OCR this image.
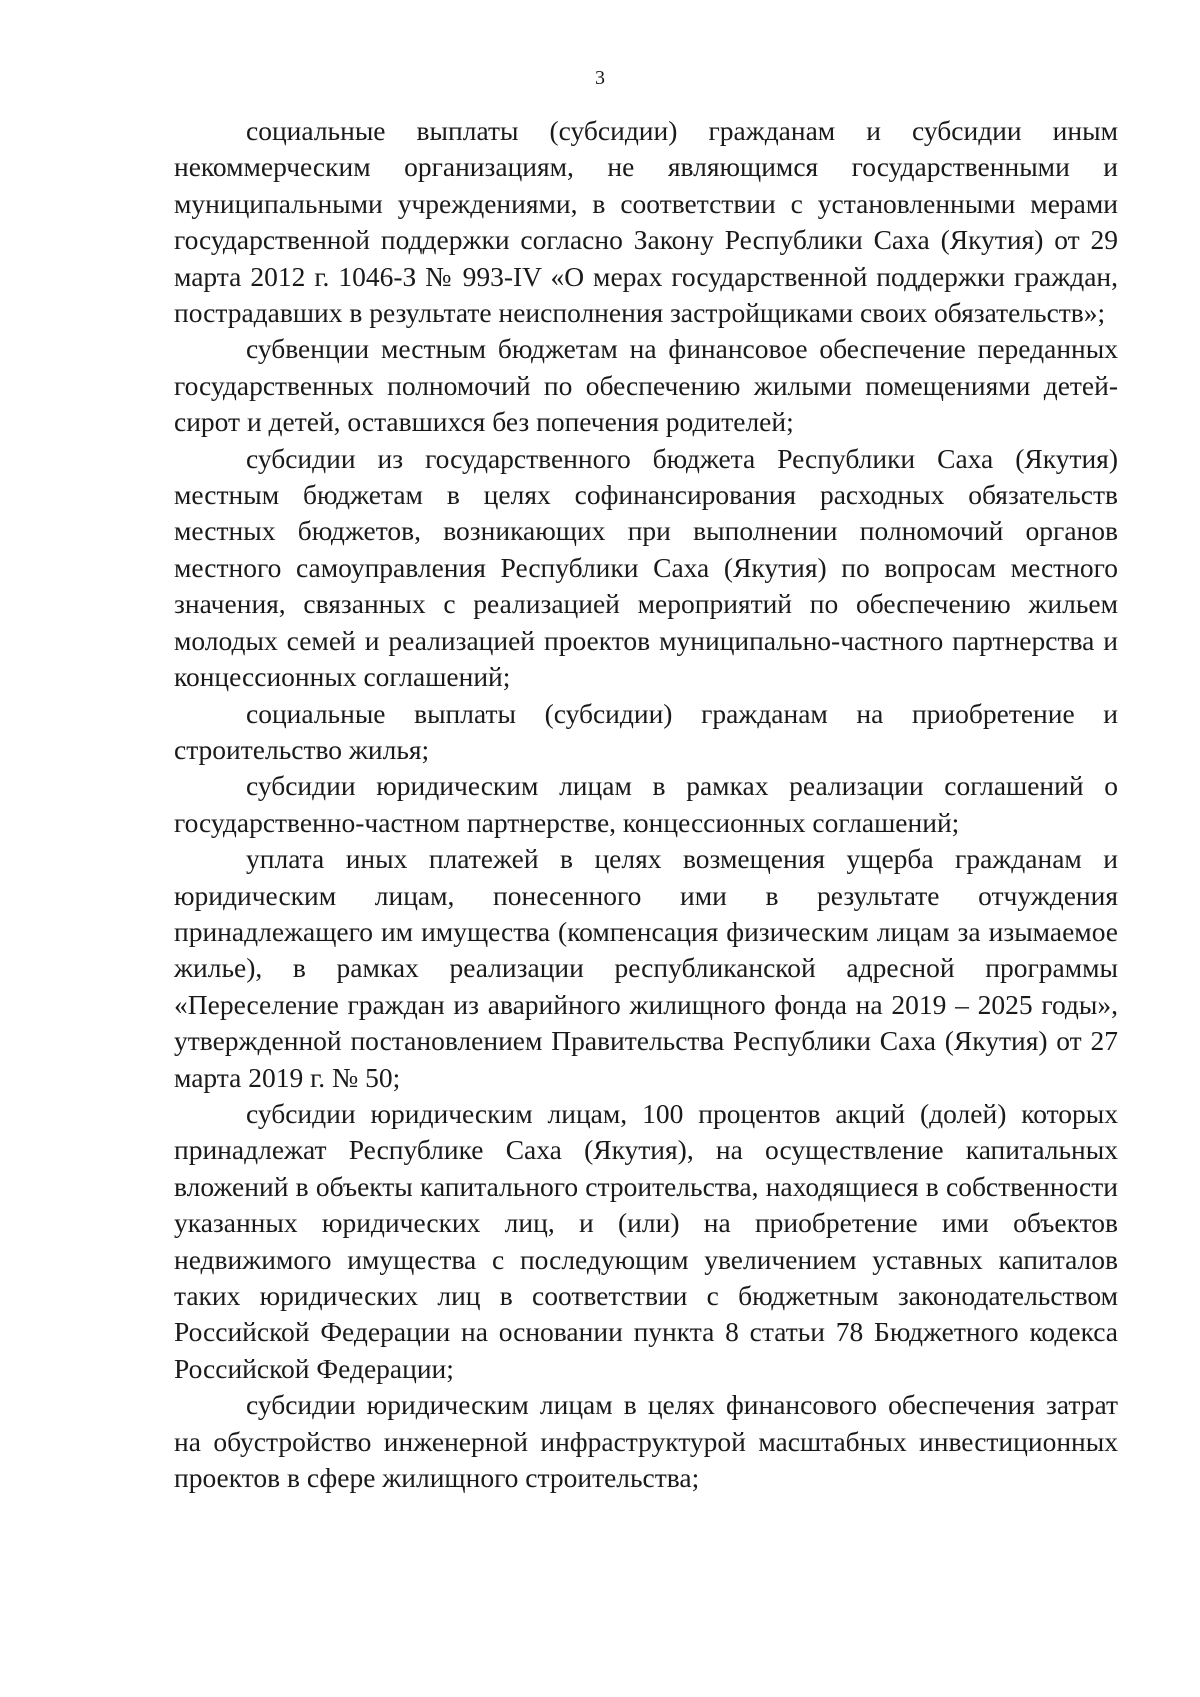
3

социальные выплаты (субсидии) гражданам и субсидии иным некоммерческим организациям, не являющимся государственными и муниципальными учреждениями, в соответствии с установленными мерами государственной поддержки согласно Закону Республики Саха (Якутия) от 29 марта 2012 г. 1046-З № 993-IV «О мерах государственной поддержки граждан, пострадавших в результате неисполнения застройщиками своих обязательств»;

субвенции местным бюджетам на финансовое обеспечение переданных государственных полномочий по обеспечению жилыми помещениями детей-сирот и детей, оставшихся без попечения родителей;

субсидии из государственного бюджета Республики Саха (Якутия) местным бюджетам в целях софинансирования расходных обязательств местных бюджетов, возникающих при выполнении полномочий органов местного самоуправления Республики Саха (Якутия) по вопросам местного значения, связанных с реализацией мероприятий по обеспечению жильем молодых семей и реализацией проектов муниципально-частного партнерства и концессионных соглашений;

социальные выплаты (субсидии) гражданам на приобретение и строительство жилья;

субсидии юридическим лицам в рамках реализации соглашений о государственно-частном партнерстве, концессионных соглашений;

уплата иных платежей в целях возмещения ущерба гражданам и юридическим лицам, понесенного ими в результате отчуждения принадлежащего им имущества (компенсация физическим лицам за изымаемое жилье), в рамках реализации республиканской адресной программы «Переселение граждан из аварийного жилищного фонда на 2019 – 2025 годы», утвержденной постановлением Правительства Республики Саха (Якутия) от 27 марта 2019 г. № 50;

субсидии юридическим лицам, 100 процентов акций (долей) которых принадлежат Республике Саха (Якутия), на осуществление капитальных вложений в объекты капитального строительства, находящиеся в собственности указанных юридических лиц, и (или) на приобретение ими объектов недвижимого имущества с последующим увеличением уставных капиталов таких юридических лиц в соответствии с бюджетным законодательством Российской Федерации на основании пункта 8 статьи 78 Бюджетного кодекса Российской Федерации;

субсидии юридическим лицам в целях финансового обеспечения затрат на обустройство инженерной инфраструктурой масштабных инвестиционных проектов в сфере жилищного строительства;
